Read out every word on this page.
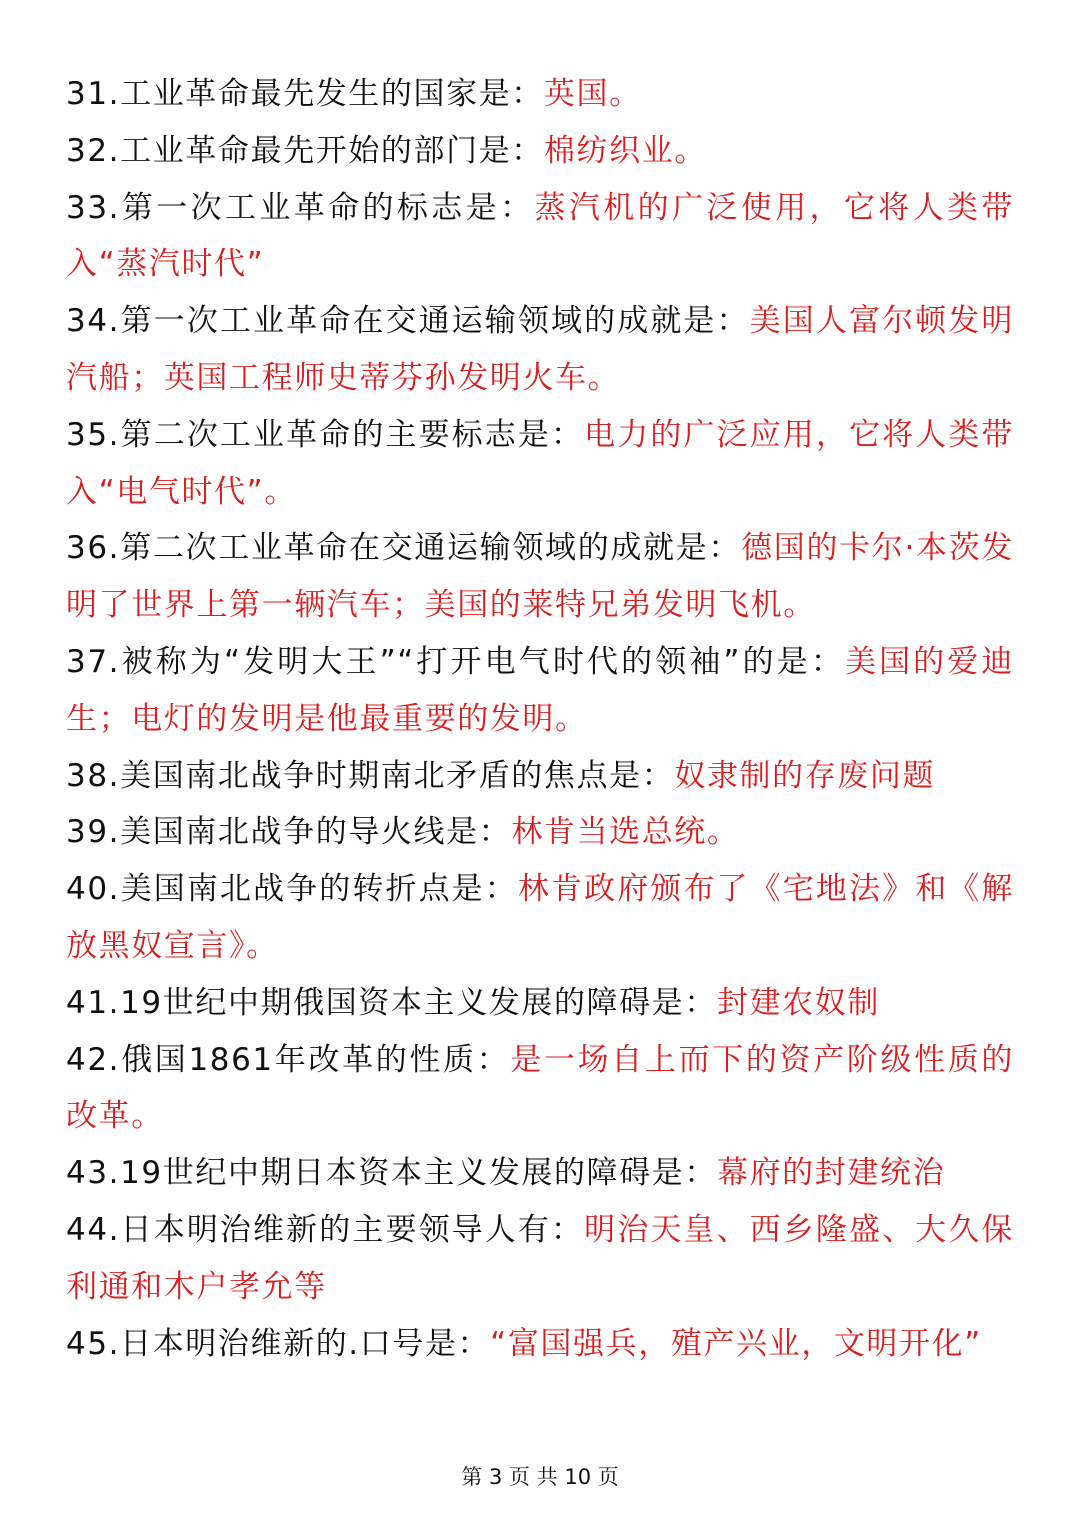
31.工业革命最先发生的国家是：英国。

32.工业革命最先开始的部门是：棉纺织业。

33.第一次工业革命的标志是：蒸汽机的广泛使用，它将人类带入“蒸汽时代”

34.第一次工业革命在交通运输领域的成就是：美国人富尔顿发明汽船；英国工程师史蒂芬孙发明火车。

35.第二次工业革命的主要标志是：电力的广泛应用，它将人类带入“电气时代”。

36.第二次工业革命在交通运输领域的成就是：德国的卡尔·本茨发明了世界上第一辆汽车；美国的莱特兄弟发明飞机。

37.被称为“发明大王”“打开电气时代的领袖”的是：美国的爱迪生；电灯的发明是他最重要的发明。

38.美国南北战争时期南北矛盾的焦点是：奴隶制的存废问题

39.美国南北战争的导火线是：林肯当选总统。

40.美国南北战争的转折点是：林肯政府颁布了《宅地法》和《解放黑奴宣言》。

41.19世纪中期俄国资本主义发展的障碍是：封建农奴制

42.俄国1861年改革的性质：是一场自上而下的资产阶级性质的改革。

43.19世纪中期日本资本主义发展的障碍是：幕府的封建统治

44.日本明治维新的主要领导人有：明治天皇、西乡隆盛、大久保利通和木户孝允等

45.日本明治维新的.口号是：“富国强兵，殖产兴业，文明开化”

第 3 页 共 10 页
